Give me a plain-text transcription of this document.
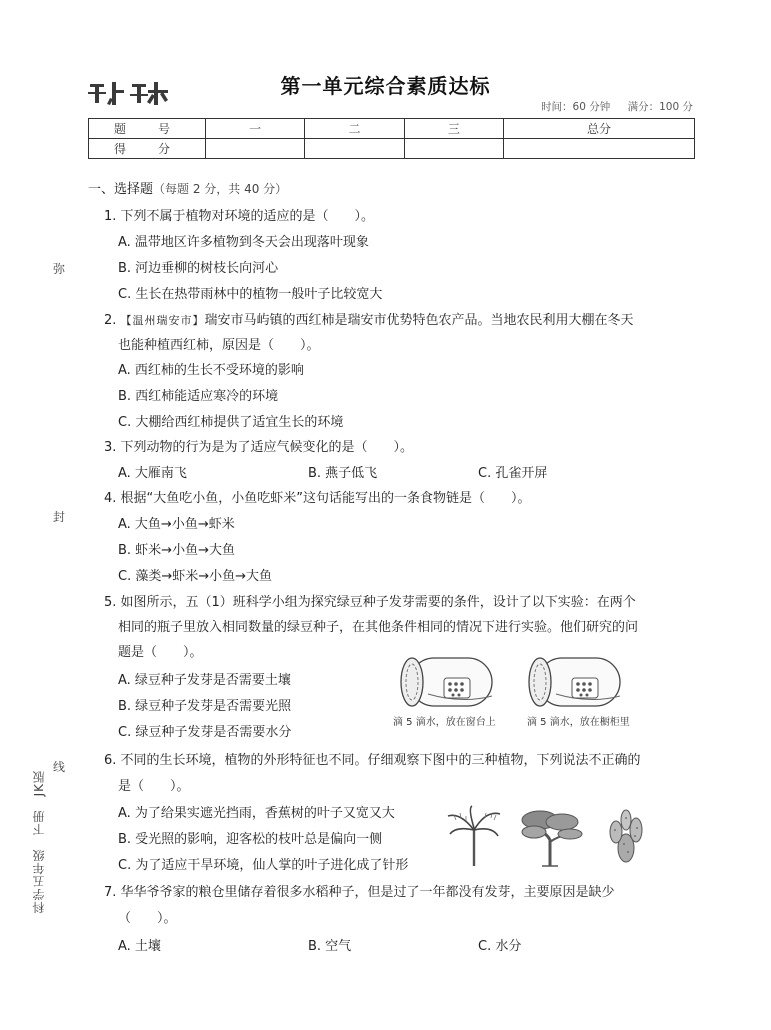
第一单元综合素质达标
时间：60 分钟 满分：100 分
题　号	一	二	三	总分
得　分				
弥
封
线
科学五年级　下册　JK版
一、选择题（每题 2 分，共 40 分）
1. 下列不属于植物对环境的适应的是（　　）。
A. 温带地区许多植物到冬天会出现落叶现象
B. 河边垂柳的树枝长向河心
C. 生长在热带雨林中的植物一般叶子比较宽大
2. 【温州瑞安市】瑞安市马屿镇的西红柿是瑞安市优势特色农产品。当地农民利用大棚在冬天
也能种植西红柿，原因是（　　）。
A. 西红柿的生长不受环境的影响
B. 西红柿能适应寒冷的环境
C. 大棚给西红柿提供了适宜生长的环境
3. 下列动物的行为是为了适应气候变化的是（　　）。
A. 大雁南飞	B. 燕子低飞	C. 孔雀开屏
4. 根据“大鱼吃小鱼，小鱼吃虾米”这句话能写出的一条食物链是（　　）。
A. 大鱼→小鱼→虾米
B. 虾米→小鱼→大鱼
C. 藻类→虾米→小鱼→大鱼
5. 如图所示，五（1）班科学小组为探究绿豆种子发芽需要的条件，设计了以下实验：在两个
相同的瓶子里放入相同数量的绿豆种子，在其他条件相同的情况下进行实验。他们研究的问
题是（　　）。
A. 绿豆种子发芽是否需要土壤
B. 绿豆种子发芽是否需要光照
C. 绿豆种子发芽是否需要水分
滴 5 滴水，放在窗台上	滴 5 滴水，放在橱柜里
6. 不同的生长环境，植物的外形特征也不同。仔细观察下图中的三种植物，下列说法不正确的
是（　　）。
A. 为了给果实遮光挡雨，香蕉树的叶子又宽又大
B. 受光照的影响，迎客松的枝叶总是偏向一侧
C. 为了适应干旱环境，仙人掌的叶子进化成了针形
7. 华华爷爷家的粮仓里储存着很多水稻种子，但是过了一年都没有发芽，主要原因是缺少
（　　）。
A. 土壤	B. 空气	C. 水分
